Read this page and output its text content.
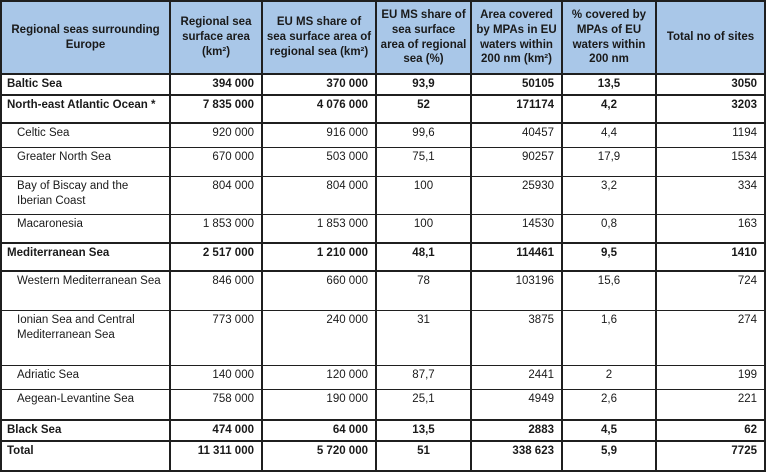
Regional seas surrounding Europe	Regional sea surface area (km²)	EU MS share of sea surface area of regional sea (km²)	EU MS share of sea surface area of regional sea (%)	Area covered by MPAs in EU waters within 200 nm (km²)	% covered by MPAs of EU waters within 200 nm	Total no of sites
Baltic Sea	394 000	370 000	93,9	50105	13,5	3050
North-east Atlantic Ocean *	7 835 000	4 076 000	52	171174	4,2	3203
Celtic Sea	920 000	916 000	99,6	40457	4,4	1194
Greater North Sea	670 000	503 000	75,1	90257	17,9	1534
Bay of Biscay and the Iberian Coast	804 000	804 000	100	25930	3,2	334
Macaronesia	1 853 000	1 853 000	100	14530	0,8	163
Mediterranean Sea	2 517 000	1 210 000	48,1	114461	9,5	1410
Western Mediterranean Sea	846 000	660 000	78	103196	15,6	724
Ionian Sea and Central Mediterranean Sea	773 000	240 000	31	3875	1,6	274
Adriatic Sea	140 000	120 000	87,7	2441	2	199
Aegean-Levantine Sea	758 000	190 000	25,1	4949	2,6	221
Black Sea	474 000	64 000	13,5	2883	4,5	62
Total	11 311 000	5 720 000	51	338 623	5,9	7725
